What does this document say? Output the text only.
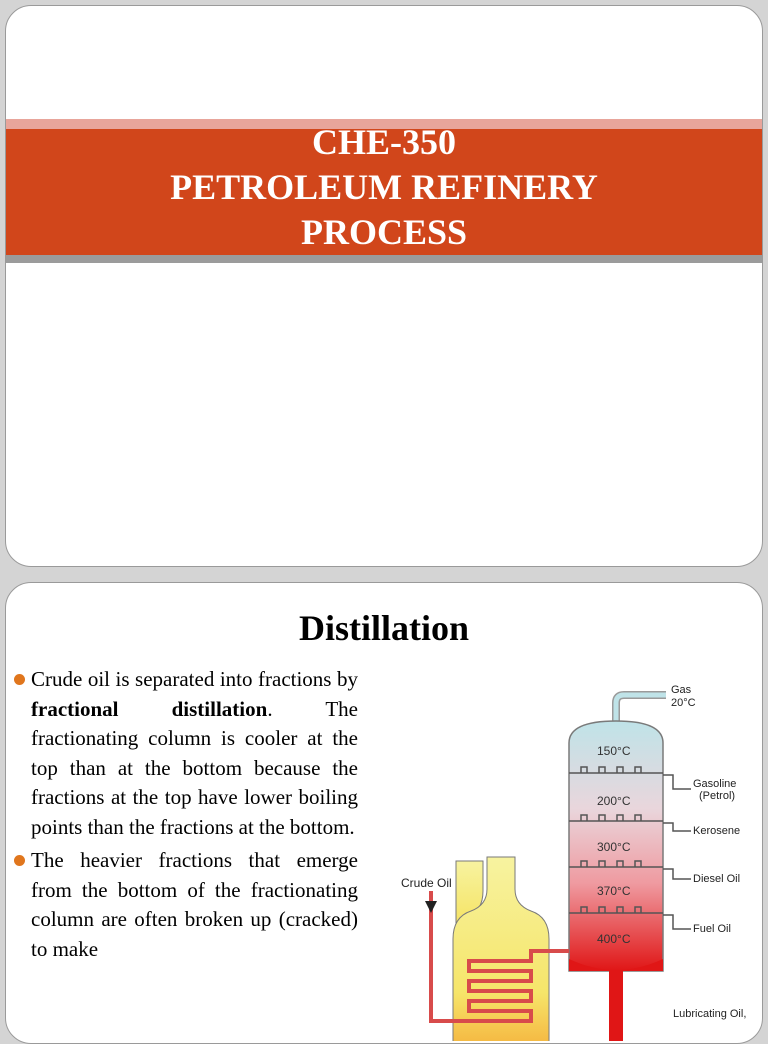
CHE-350
PETROLEUM REFINERY
PROCESS
Distillation
Crude oil is separated into fractions by fractional distillation. The fractionating column is cooler at the top than at the bottom because the fractions at the top have lower boiling points than the fractions at the bottom.
The heavier fractions that emerge from the bottom of the fractionating column are often broken up (cracked) to make
Gas
20°C
Crude Oil
150°C
200°C
300°C
370°C
400°C
Gasoline
(Petrol)
Kerosene
Diesel Oil
Fuel Oil
Lubricating Oil,
